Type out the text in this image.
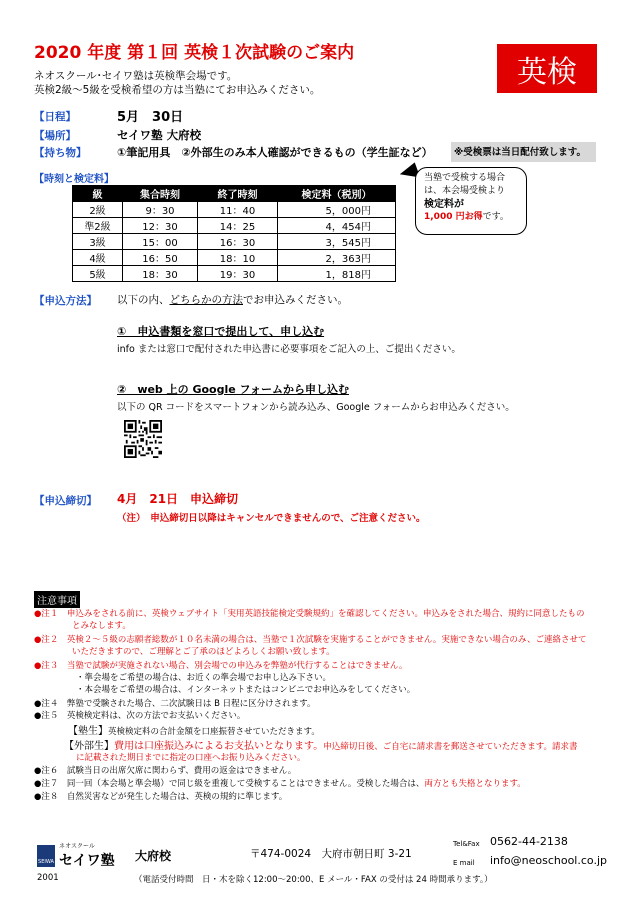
2020 年度 第１回 英検１次試験のご案内
英検
ネオスクール･セイワ塾は英検準会場です。
英検2級～5級を受検希望の方は当塾にてお申込みください。
【日程】	5月　30日
【場所】	セイワ塾 大府校
【持ち物】	①筆記用具　②外部生のみ本人確認ができるもの（学生証など）	※受検票は当日配付致します。
【時刻と検定料】
級	集合時刻	終了時刻	検定料（税別）
2級	9：30	11：40	5，000円
準2級	12：30	14：25	4，454円
3級	15：00	16：30	3，545円
4級	16：50	18：10	2，363円
5級	18：30	19：30	1，818円
当塾で受検する場合
は、本会場受検より
検定料が
1,000 円お得です。
【申込方法】 以下の内、どちらかの方法でお申込みください。
①　申込書類を窓口で提出して、申し込む
info または窓口で配付された申込書に必要事項をご記入の上、ご提出ください。
②　web 上の Google フォームから申し込む
以下の QR コードをスマートフォンから読み込み、Google フォームからお申込みください。
【申込締切】 4月　21日　申込締切
（注）　申込締切日以降はキャンセルできませんので、ご注意ください。
注意事項
●注１　申込みをされる前に、英検ウェブサイト「実用英語技能検定受験規約」を確認してください。申込みをされた場合、規約に同意したもの
とみなします。
●注２　英検２～５級の志願者総数が１０名未満の場合は、当塾で１次試験を実施することができません。実施できない場合のみ、ご連絡させて
いただきますので、ご理解とご了承のほどよろしくお願い致します。
●注３　当塾で試験が実施されない場合、別会場での申込みを弊塾が代行することはできません。
・準会場をご希望の場合は、お近くの準会場でお申し込み下さい。
・本会場をご希望の場合は、インターネットまたはコンビニでお申込みをしてください。
●注４　弊塾で受験された場合、二次試験日は B 日程に区分けされます。
●注５　英検検定料は、次の方法でお支払いください。
【塾生】英検検定料の合計金額を口座振替させていただきます。
【外部生】費用は口座振込みによるお支払いとなります。申込締切日後、ご自宅に請求書を郵送させていただきます。請求書
に記載された期日までに指定の口座へお振り込みください。
●注６　試験当日の出席欠席に関わらず、費用の返金はできません。
●注７　同一回（本会場と準会場）で同じ級を重複して受検することはできません。受検した場合は、両方とも失格となります。
●注８　自然災害などが発生した場合は、英検の規約に準じます。
SEIWA
ネオスクール
セイワ塾 大府校	〒474-0024　大府市朝日町 3-21
Tel&Fax 0562-44-2138
E mail info@neoschool.co.jp
2001	（電話受付時間　日・木を除く12:00～20:00、E メール・FAX の受付は 24 時間承ります。）
